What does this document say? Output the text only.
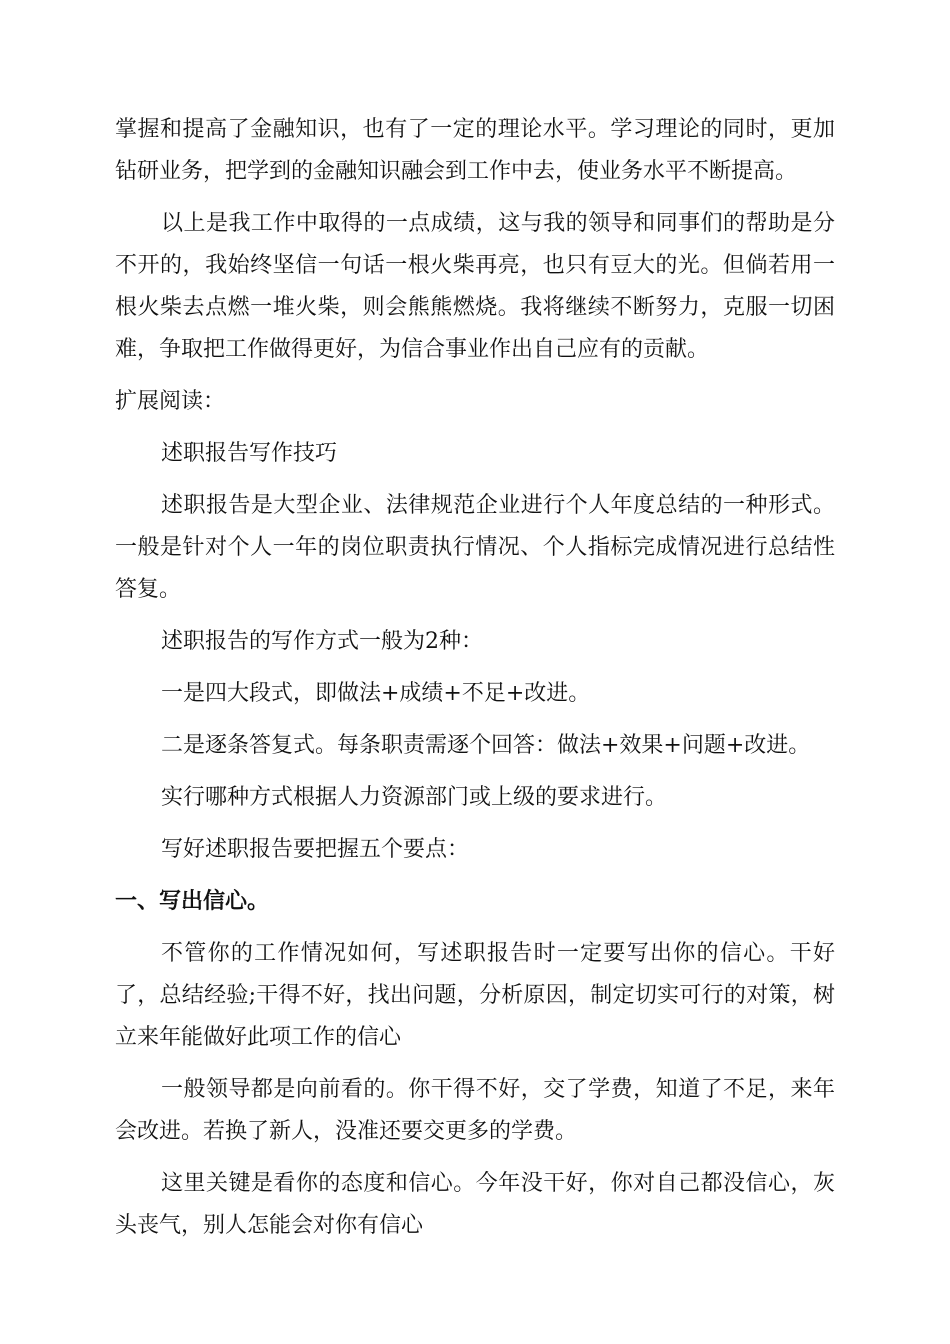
掌握和提高了金融知识，也有了一定的理论水平。学习理论的同时，更加钻研业务，把学到的金融知识融会到工作中去，使业务水平不断提高。

以上是我工作中取得的一点成绩，这与我的领导和同事们的帮助是分不开的，我始终坚信一句话一根火柴再亮，也只有豆大的光。但倘若用一根火柴去点燃一堆火柴，则会熊熊燃烧。我将继续不断努力，克服一切困难，争取把工作做得更好，为信合事业作出自己应有的贡献。

扩展阅读：

述职报告写作技巧

述职报告是大型企业、法律规范企业进行个人年度总结的一种形式。一般是针对个人一年的岗位职责执行情况、个人指标完成情况进行总结性答复。

述职报告的写作方式一般为2种：

一是四大段式，即做法+成绩+不足+改进。

二是逐条答复式。每条职责需逐个回答：做法+效果+问题+改进。

实行哪种方式根据人力资源部门或上级的要求进行。

写好述职报告要把握五个要点：

一、写出信心。

不管你的工作情况如何，写述职报告时一定要写出你的信心。干好了，总结经验;干得不好，找出问题，分析原因，制定切实可行的对策，树立来年能做好此项工作的信心

一般领导都是向前看的。你干得不好，交了学费，知道了不足，来年会改进。若换了新人，没准还要交更多的学费。

这里关键是看你的态度和信心。今年没干好，你对自己都没信心，灰头丧气，别人怎能会对你有信心
